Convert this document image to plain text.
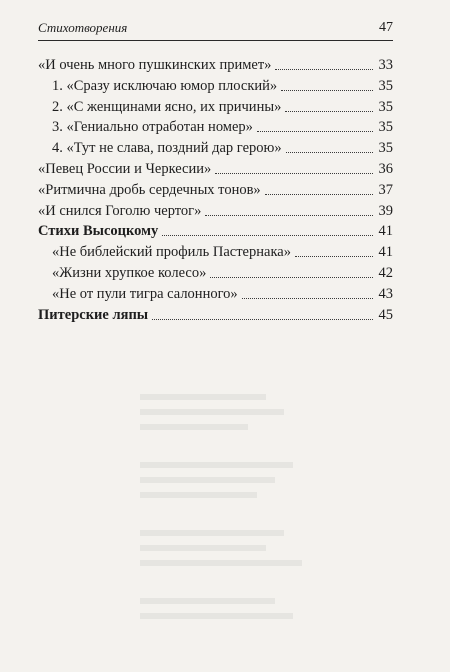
Стихотворения	47
«И очень много пушкинских примет»	33
1. «Сразу исключаю юмор плоский»	35
2. «С женщинами ясно, их причины»	35
3. «Гениально отработан номер»	35
4. «Тут не слава, поздний дар герою»	35
«Певец России и Черкесии»	36
«Ритмична дробь сердечных тонов»	37
«И снился Гоголю чертог»	39
Стихи Высоцкому	41
«Не библейский профиль Пастернака»	41
«Жизни хрупкое колесо»	42
«Не от пули тигра салонного»	43
Питерские ляпы	45
